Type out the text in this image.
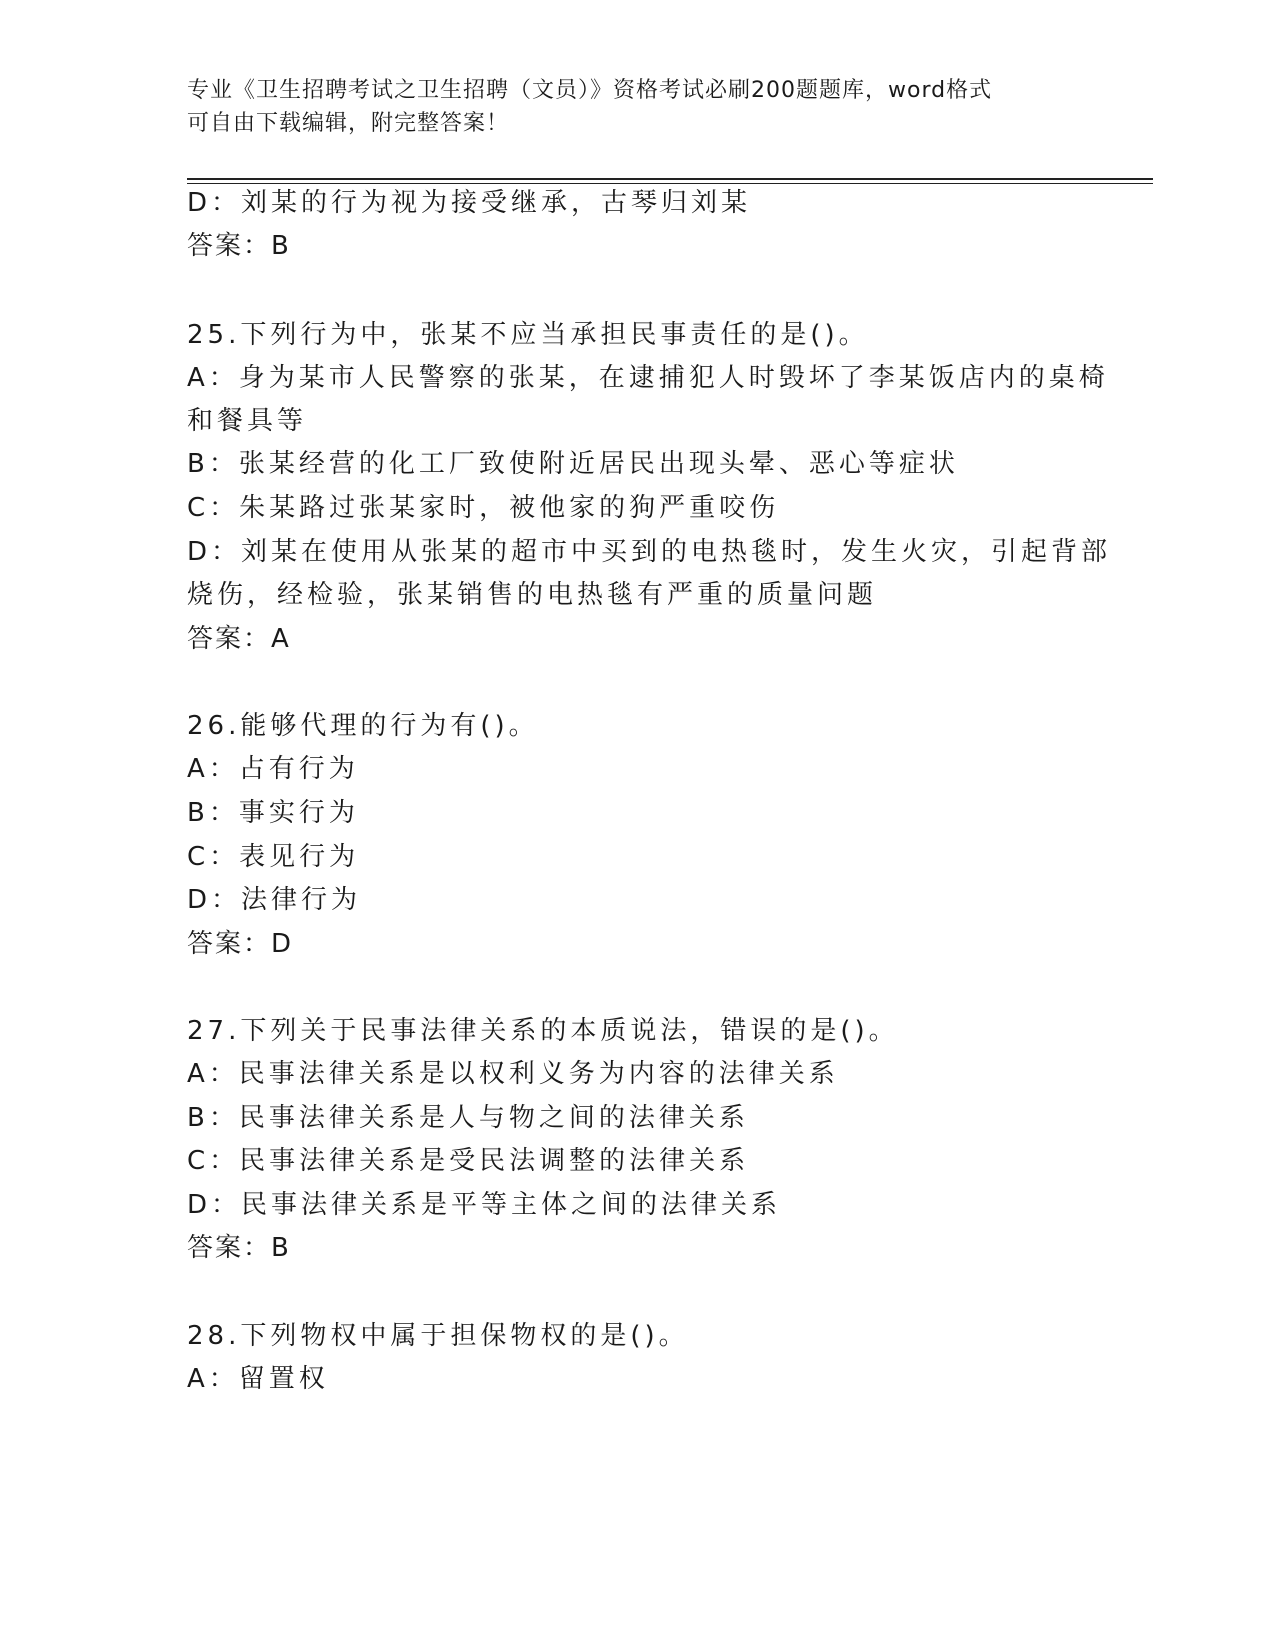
专业《卫生招聘考试之卫生招聘（文员）》资格考试必刷200题题库，word格式
可自由下载编辑，附完整答案！
D：刘某的行为视为接受继承，古琴归刘某
答案：B
25.下列行为中，张某不应当承担民事责任的是()。
A：身为某市人民警察的张某，在逮捕犯人时毁坏了李某饭店内的桌椅
和餐具等
B：张某经营的化工厂致使附近居民出现头晕、恶心等症状
C：朱某路过张某家时，被他家的狗严重咬伤
D：刘某在使用从张某的超市中买到的电热毯时，发生火灾，引起背部
烧伤，经检验，张某销售的电热毯有严重的质量问题
答案：A
26.能够代理的行为有()。
A：占有行为
B：事实行为
C：表见行为
D：法律行为
答案：D
27.下列关于民事法律关系的本质说法，错误的是()。
A：民事法律关系是以权利义务为内容的法律关系
B：民事法律关系是人与物之间的法律关系
C：民事法律关系是受民法调整的法律关系
D：民事法律关系是平等主体之间的法律关系
答案：B
28.下列物权中属于担保物权的是()。
A：留置权
